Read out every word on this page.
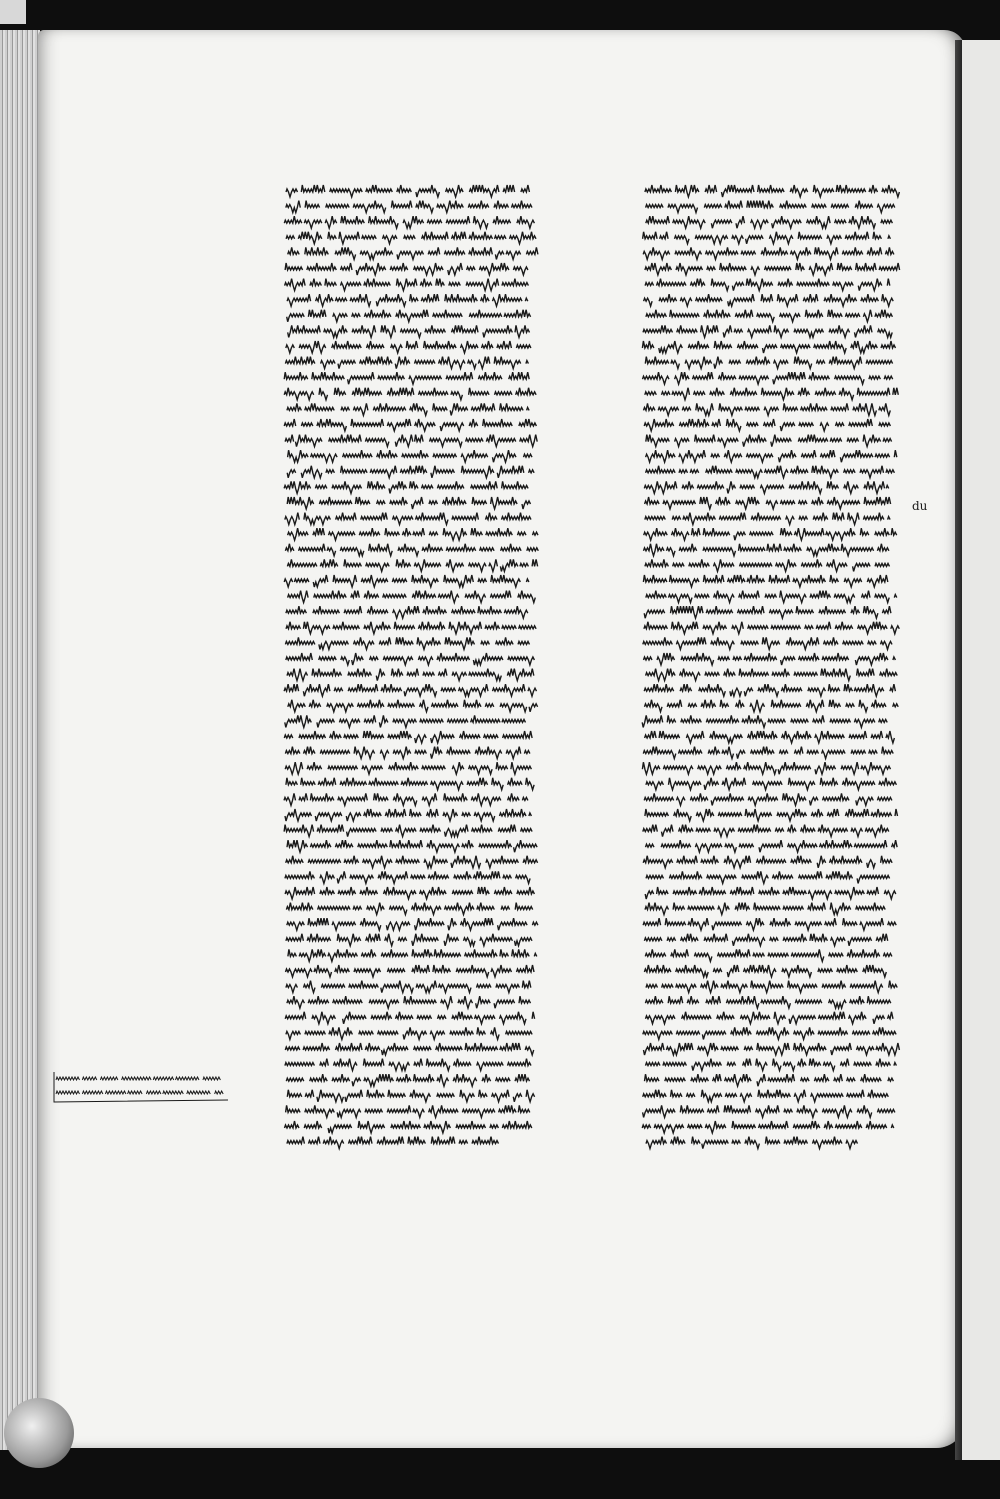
du
